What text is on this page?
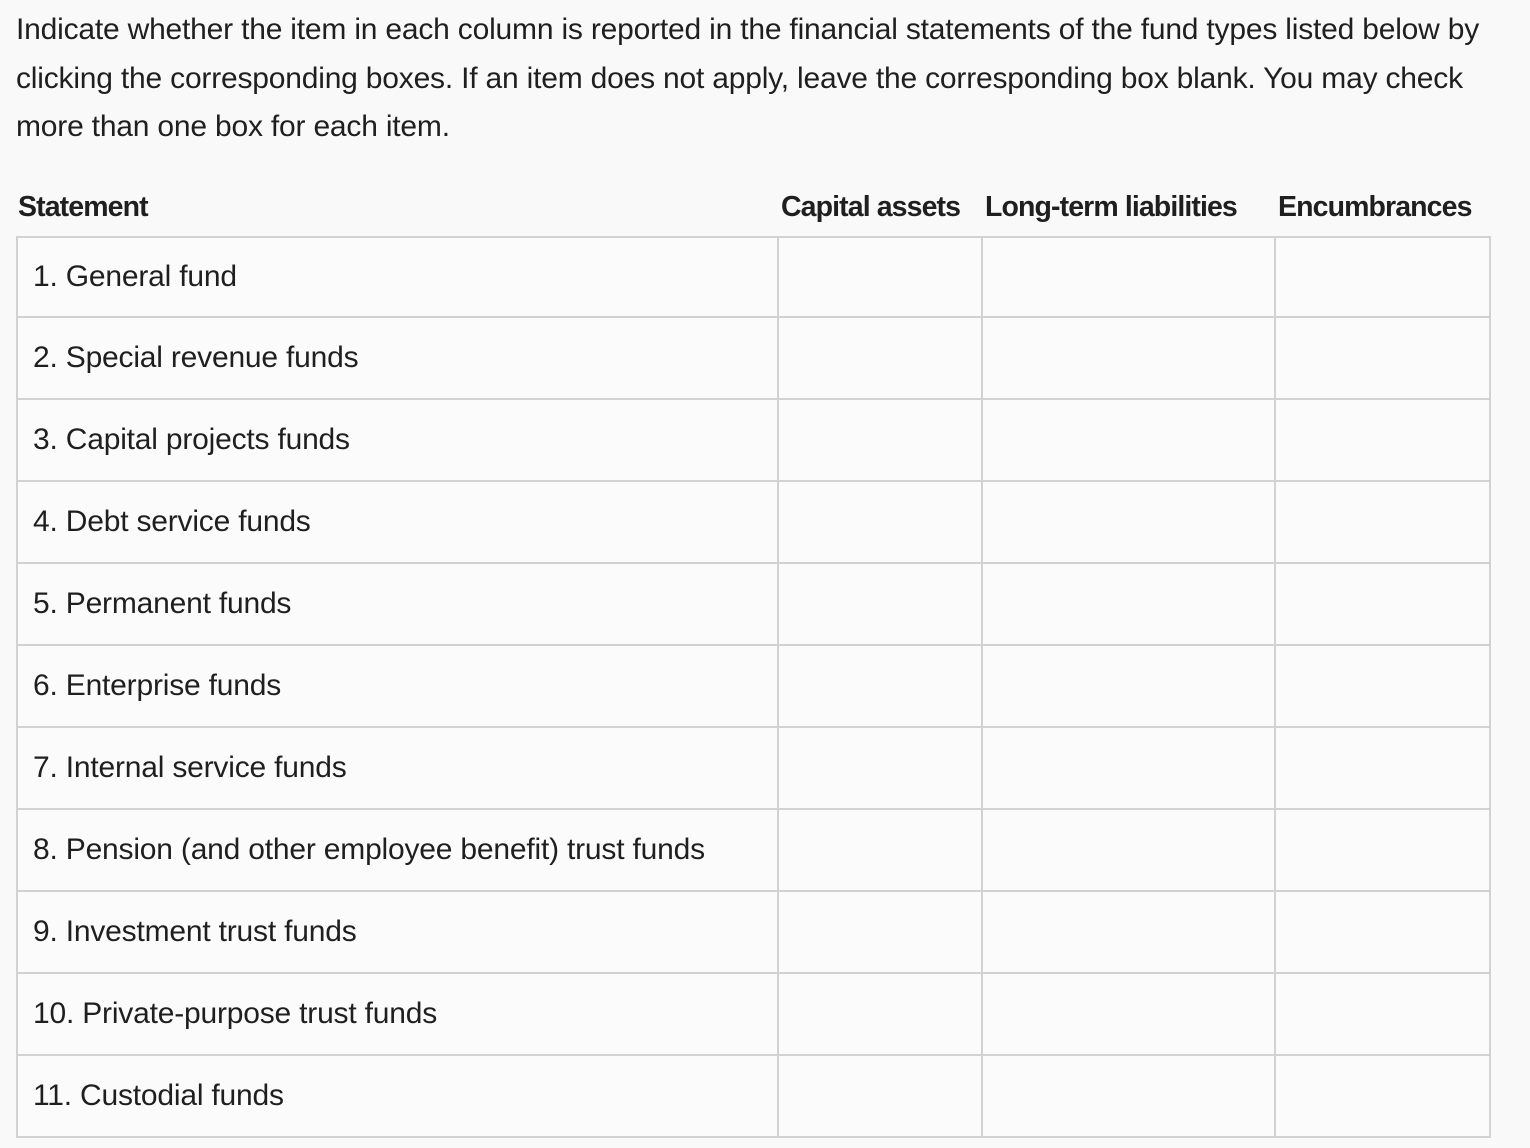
Indicate whether the item in each column is reported in the financial statements of the fund types listed below by clicking the corresponding boxes. If an item does not apply, leave the corresponding box blank. You may check more than one box for each item.

Statement	Capital assets Long-term liabilities	Encumbrances
1. General fund
2. Special revenue funds
3. Capital projects funds
4. Debt service funds
5. Permanent funds
6. Enterprise funds
7. Internal service funds
8. Pension (and other employee benefit) trust funds
9. Investment trust funds
10. Private-purpose trust funds
11. Custodial funds
